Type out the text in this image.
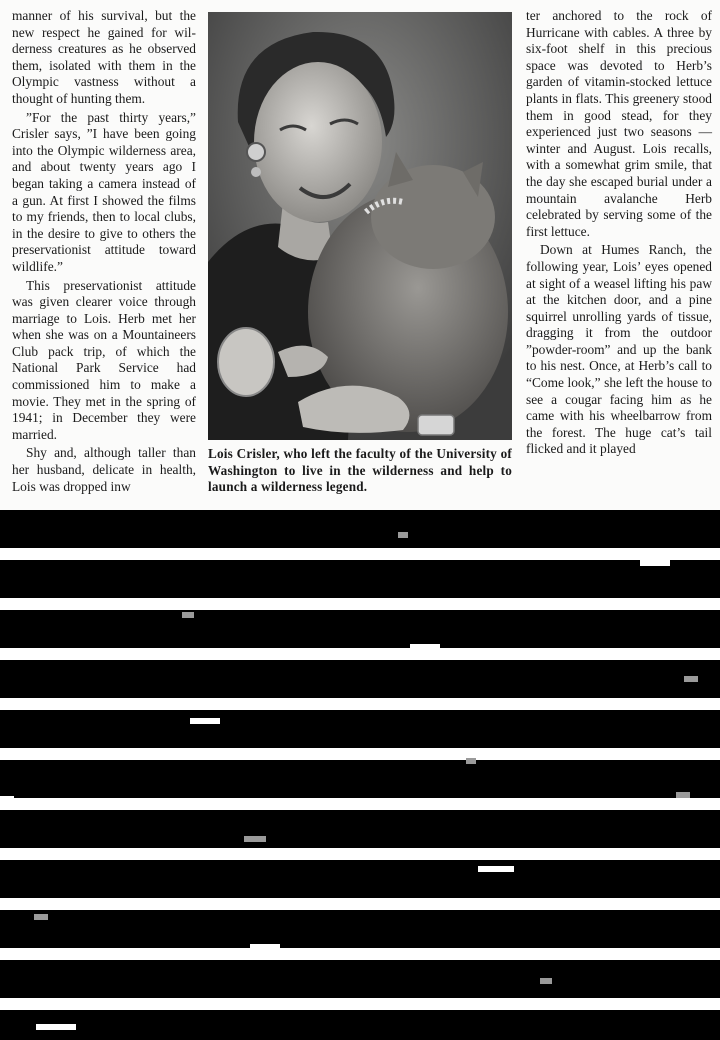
manner of his survival, but the new respect he gained for wilderness creatures as he observed them, isolated with them in the Olympic vastness without a thought of hunting them.

”For the past thirty years,” Crisler says, ”I have been going into the Olympic wilderness area, and about twenty years ago I began taking a camera instead of a gun. At first I showed the films to my friends, then to local clubs, in the desire to give to others the preservationist attitude toward wildlife.”

This preservationist attitude was given clearer voice through marriage to Lois. Herb met her when she was on a Mountaineers Club pack trip, of which the National Park Service had commissioned him to make a movie. They met in the spring of 1941; in December they were married.

Shy and, although taller than her husband, delicate in health, Lois was dropped inw

Lois Crisler, who left the faculty of the University of Washington to live in the wilderness and help to launch a wilderness legend.

ter anchored to the rock of Hurricane with cables. A three by six-foot shelf in this precious space was devoted to Herb’s garden of vitamin-stocked lettuce plants in flats. This greenery stood them in good stead, for they experienced just two seasons — winter and August. Lois recalls, with a somewhat grim smile, that the day she escaped burial under a mountain avalanche Herb celebrated by serving some of the first lettuce.

Down at Humes Ranch, the following year, Lois’ eyes opened at sight of a weasel lifting his paw at the kitchen door, and a pine squirrel unrolling yards of tissue, dragging it from the outdoor ”powder-room” and up the bank to his nest. Once, at Herb’s call to “Come look,” she left the house to see a cougar facing him as he came with his wheelbarrow from the forest. The huge cat’s tail flicked and it played
